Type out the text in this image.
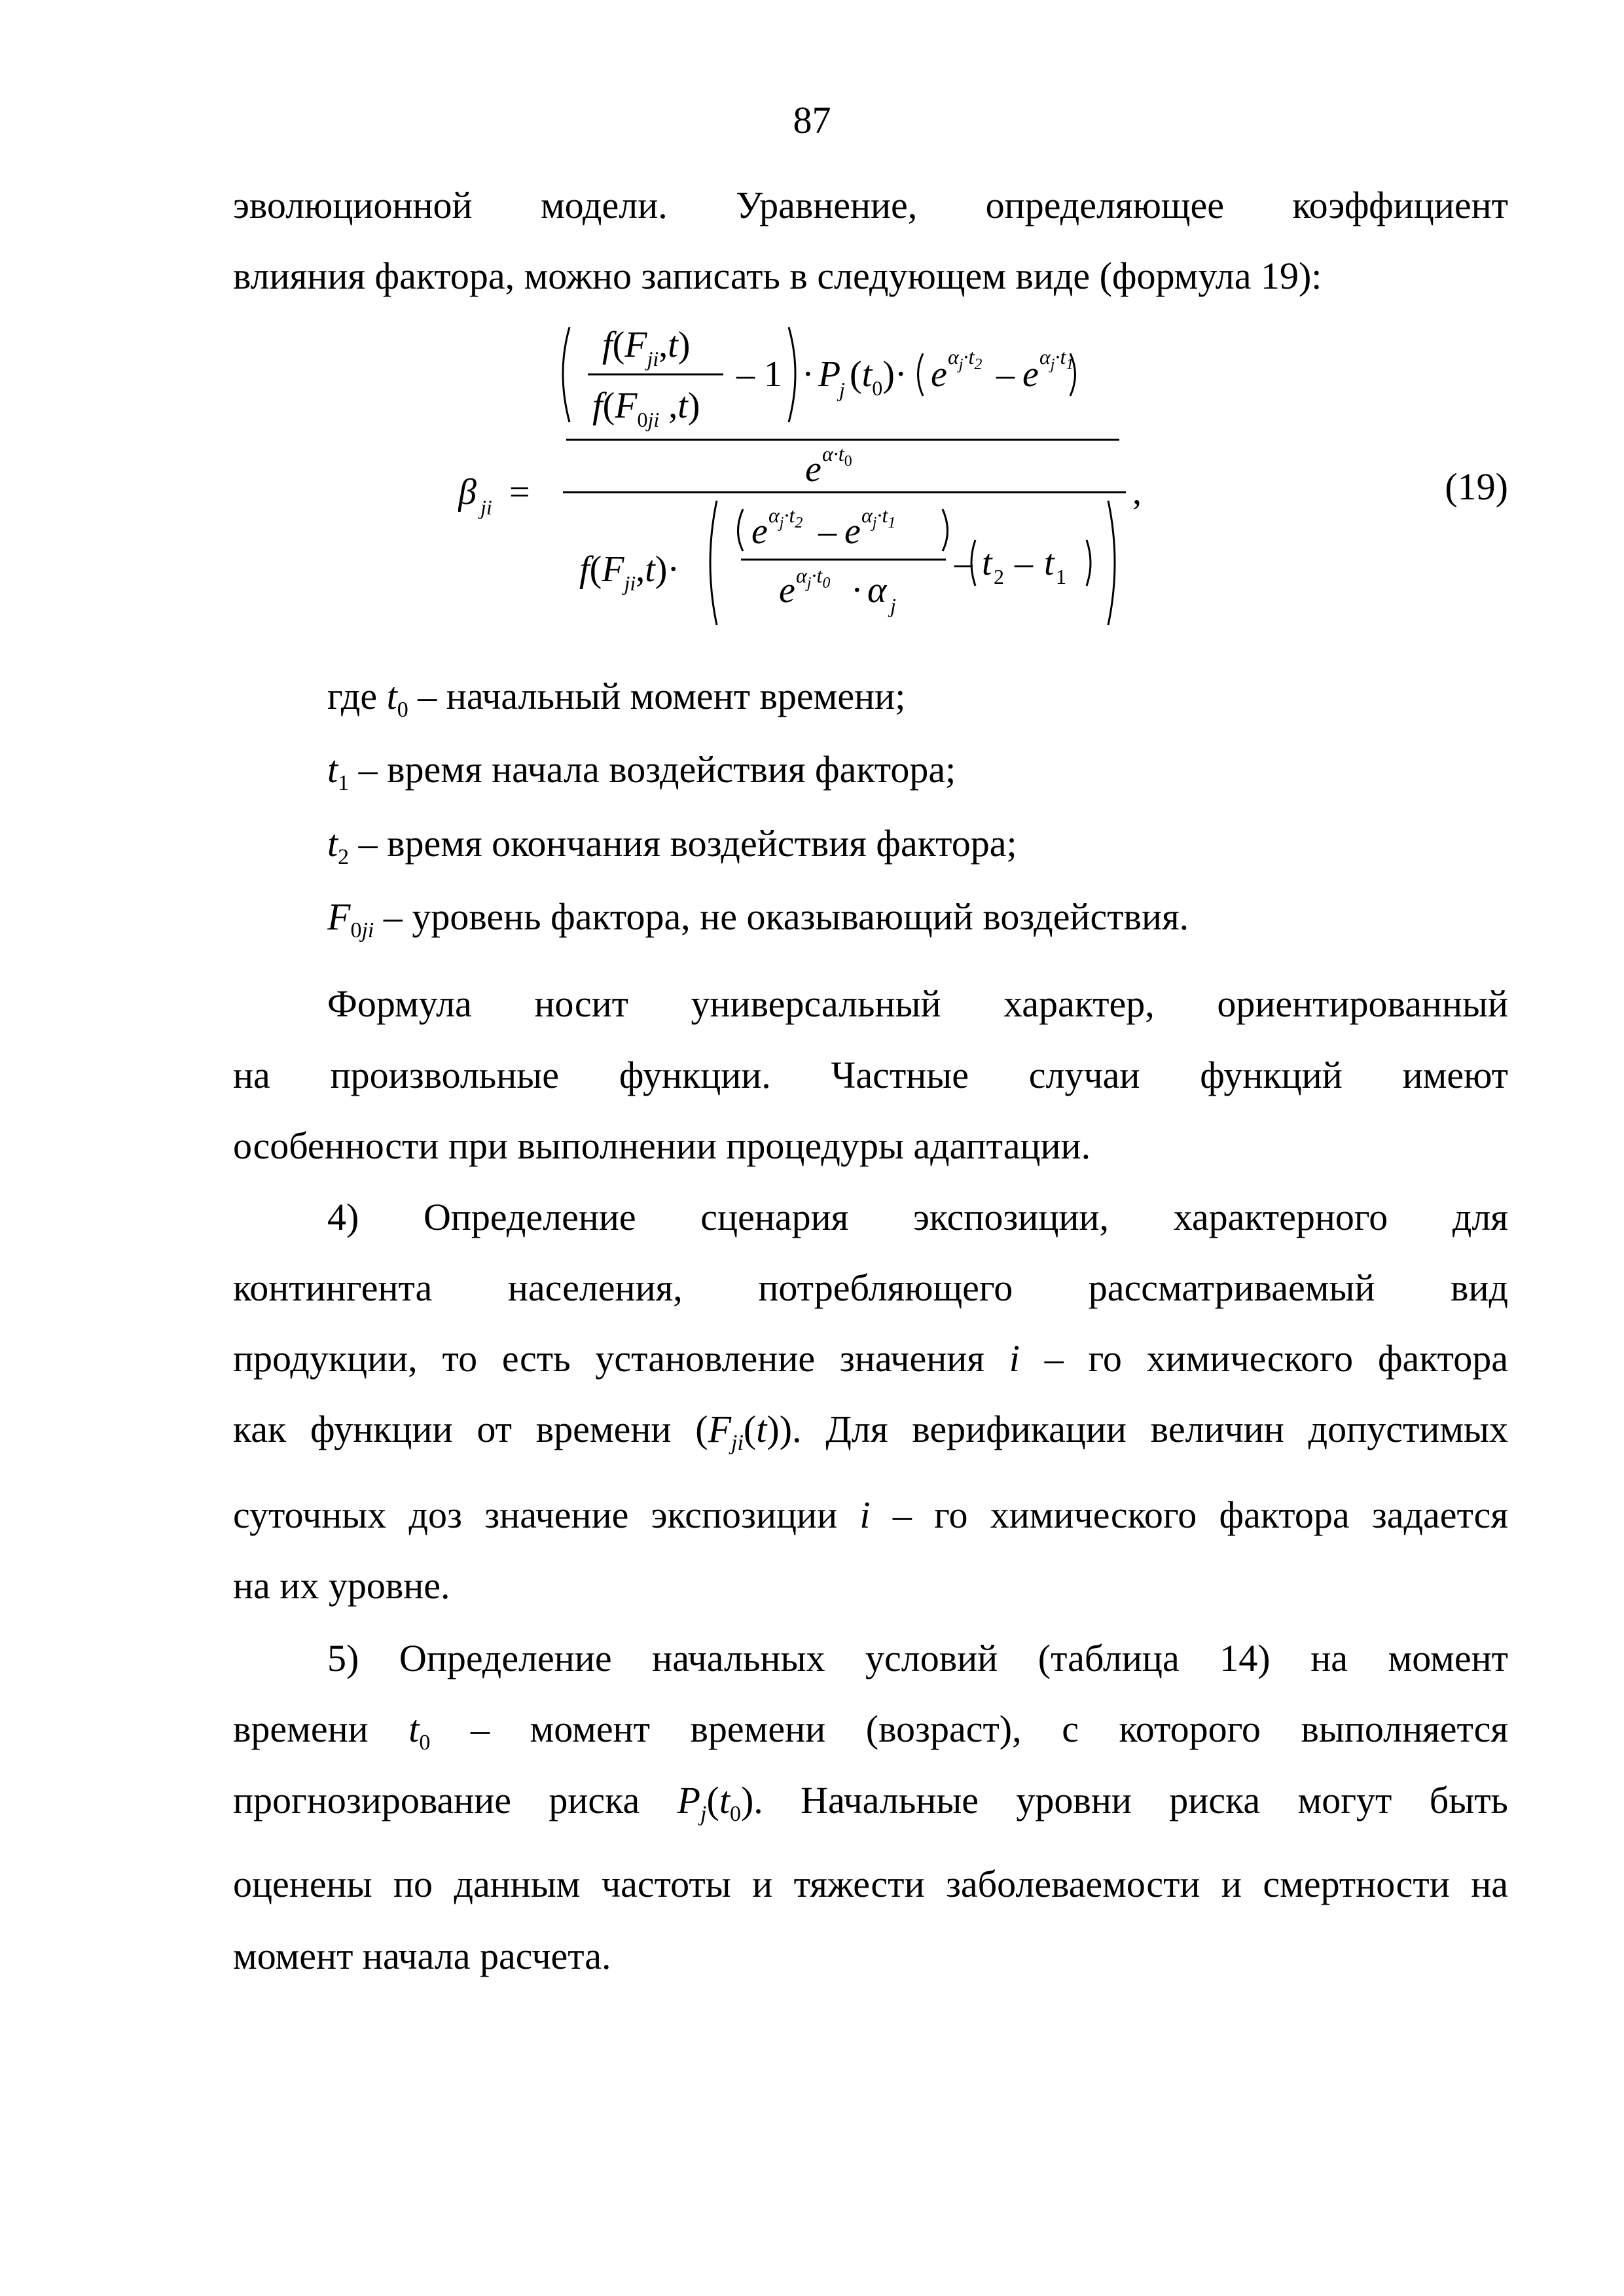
87
эволюционной модели. Уравнение, определяющее коэффициент
влияния фактора, можно записать в следующем виде (формула 19):
$f(F_{ji},t)$
$f(F_0ji$ ,t)
– 1 · P
j $(t_0)\cdot e$ $\alpha_j\cdot t_2 - e$ $\alpha_j\cdot t_1$
e $\alpha\cdot t_0$
β ji =	,
$f(F_{ji},t)\cdot$
e $\alpha_j\cdot t_2 - e$ $\alpha_j\cdot t_1$
e $\alpha_j\cdot t_0 \cdot \alpha$ j
– t 2 – t 1
(19)
где $t_0$ – начальный момент времени;
$t_1$ – время начала воздействия фактора;
$t_2$ – время окончания воздействия фактора;
$F_{0ji}$ – уровень фактора, не оказывающий воздействия.
Формула носит универсальный характер, ориентированный
на произвольные функции. Частные случаи функций имеют
особенности при выполнении процедуры адаптации.
4) Определение сценария экспозиции, характерного для
контингента населения, потребляющего рассматриваемый вид
продукции, то есть установление значения i – го химического фактора
как функции от времени $(F_{ji}(t))$. Для верификации величин допустимых
суточных доз значение экспозиции i – го химического фактора задается
на их уровне.
5) Определение начальных условий (таблица 14) на момент
времени $t_0$ – момент времени (возраст), с которого выполняется
прогнозирование риска $P_j(t_0)$. Начальные уровни риска могут быть
оценены по данным частоты и тяжести заболеваемости и смертности на
момент начала расчета.
